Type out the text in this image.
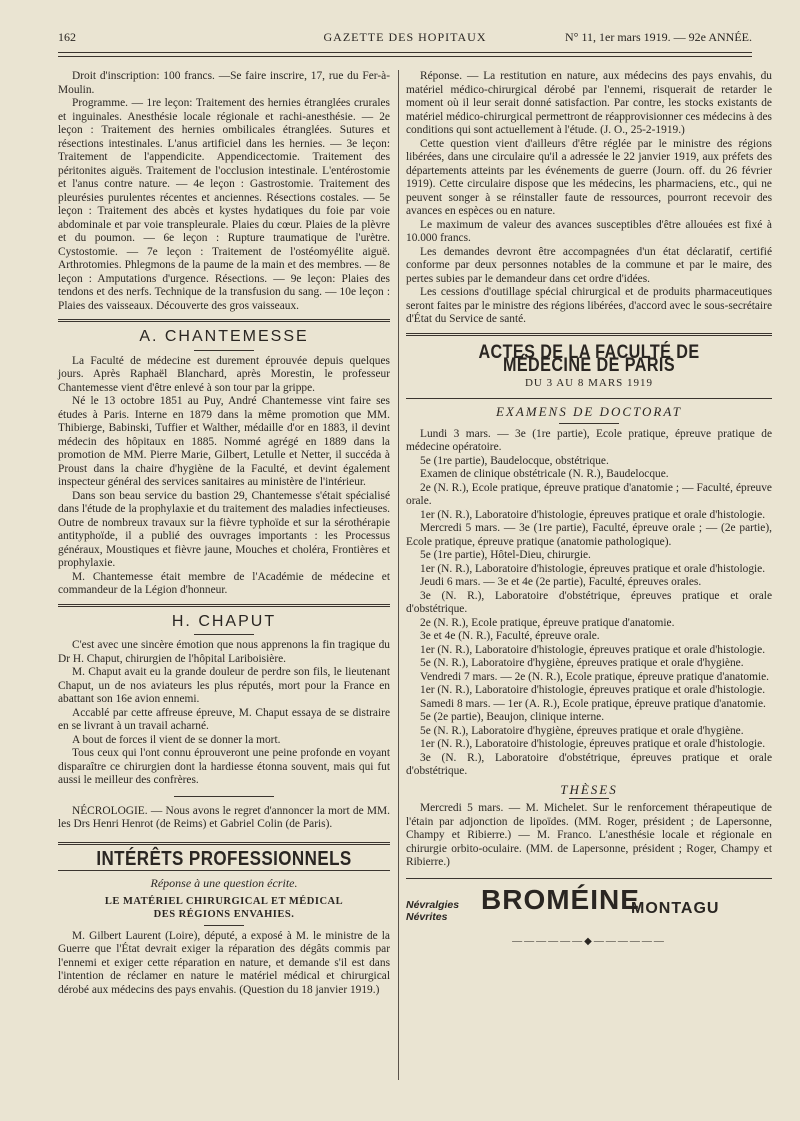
162	GAZETTE DES HOPITAUX	N° 11, 1er mars 1919. — 92e ANNÉE.

Droit d'inscription: 100 francs. —Se faire inscrire, 17, rue du Fer-à-Moulin.

Programme. — 1re leçon: Traitement des hernies étranglées crurales et inguinales. Anesthésie locale régionale et rachi-anesthésie. — 2e leçon : Traitement des hernies ombilicales étranglées. Sutures et résections intestinales. L'anus artificiel dans les hernies. — 3e leçon: Traitement de l'appendicite. Appendicectomie. Traitement des péritonites aiguës. Traitement de l'occlusion intestinale. L'entérostomie et l'anus contre nature. — 4e leçon : Gastrostomie. Traitement des pleurésies purulentes récentes et anciennes. Résections costales. — 5e leçon : Traitement des abcès et kystes hydatiques du foie par voie abdominale et par voie transpleurale. Plaies du cœur. Plaies de la plèvre et du poumon. — 6e leçon : Rupture traumatique de l'urètre. Cystostomie. — 7e leçon : Traitement de l'ostéomyélite aiguë. Arthrotomies. Phlegmons de la paume de la main et des membres. — 8e leçon : Amputations d'urgence. Résections. — 9e leçon: Plaies des tendons et des nerfs. Technique de la transfusion du sang. — 10e leçon : Plaies des vaisseaux. Découverte des gros vaisseaux.

A. CHANTEMESSE

La Faculté de médecine est durement éprouvée depuis quelques jours. Après Raphaël Blanchard, après Morestin, le professeur Chantemesse vient d'être enlevé à son tour par la grippe.

Né le 13 octobre 1851 au Puy, André Chantemesse vint faire ses études à Paris. Interne en 1879 dans la même promotion que MM. Thibierge, Babinski, Tuffier et Walther, médaille d'or en 1883, il devint médecin des hôpitaux en 1885. Nommé agrégé en 1889 dans la promotion de MM. Pierre Marie, Gilbert, Letulle et Netter, il succéda à Proust dans la chaire d'hygiène de la Faculté, et devint également inspecteur général des services sanitaires au ministère de l'intérieur.

Dans son beau service du bastion 29, Chantemesse s'était spécialisé dans l'étude de la prophylaxie et du traitement des maladies infectieuses. Outre de nombreux travaux sur la fièvre typhoïde et sur la sérothérapie antityphoïde, il a publié des ouvrages importants : les Processus généraux, Moustiques et fièvre jaune, Mouches et choléra, Frontières et prophylaxie.

M. Chantemesse était membre de l'Académie de médecine et commandeur de la Légion d'honneur.

H. CHAPUT

C'est avec une sincère émotion que nous apprenons la fin tragique du Dr H. Chaput, chirurgien de l'hôpital Lariboisière.

M. Chaput avait eu la grande douleur de perdre son fils, le lieutenant Chaput, un de nos aviateurs les plus réputés, mort pour la France en abattant son 16e avion ennemi.

Accablé par cette affreuse épreuve, M. Chaput essaya de se distraire en se livrant à un travail acharné.

A bout de forces il vient de se donner la mort.

Tous ceux qui l'ont connu éprouveront une peine profonde en voyant disparaître ce chirurgien dont la hardiesse étonna souvent, mais qui fut aussi le meilleur des confrères.

NÉCROLOGIE. — Nous avons le regret d'annoncer la mort de MM. les Drs Henri Henrot (de Reims) et Gabriel Colin (de Paris).

INTÉRÊTS PROFESSIONNELS
Réponse à une question écrite.
LE MATÉRIEL CHIRURGICAL ET MÉDICAL
DES RÉGIONS ENVAHIES.

M. Gilbert Laurent (Loire), député, a exposé à M. le ministre de la Guerre que l'État devrait exiger la réparation des dégâts commis par l'ennemi et exiger cette réparation en nature, et demande s'il est dans l'intention de réclamer en nature le matériel médical et chirurgical dérobé aux médecins des pays envahis. (Question du 18 janvier 1919.)

Réponse. — La restitution en nature, aux médecins des pays envahis, du matériel médico-chirurgical dérobé par l'ennemi, risquerait de retarder le moment où il leur serait donné satisfaction. Par contre, les stocks existants de matériel médico-chirurgical permettront de réapprovisionner ces médecins à des conditions qui sont actuellement à l'étude. (J. O., 25-2-1919.)

Cette question vient d'ailleurs d'être réglée par le ministre des régions libérées, dans une circulaire qu'il a adressée le 22 janvier 1919, aux préfets des départements atteints par les événements de guerre (Journ. off. du 26 février 1919). Cette circulaire dispose que les médecins, les pharmaciens, etc., qui ne peuvent songer à se réinstaller faute de ressources, pourront recevoir des avances en espèces ou en nature.

Le maximum de valeur des avances susceptibles d'être allouées est fixé à 10.000 francs.

Les demandes devront être accompagnées d'un état déclaratif, certifié conforme par deux personnes notables de la commune et par le maire, des pertes subies par le demandeur dans cet ordre d'idées.

Les cessions d'outillage spécial chirurgical et de produits pharmaceutiques seront faites par le ministre des régions libérées, d'accord avec le sous-secrétaire d'État du Service de santé.

ACTES DE LA FACULTÉ DE MÉDECINE DE PARIS
DU 3 AU 8 MARS 1919
EXAMENS DE DOCTORAT

Lundi 3 mars. — 3e (1re partie), Ecole pratique, épreuve pratique de médecine opératoire.

5e (1re partie), Baudelocque, obstétrique.

Examen de clinique obstétricale (N. R.), Baudelocque.

2e (N. R.), Ecole pratique, épreuve pratique d'anatomie ; — Faculté, épreuve orale.

1er (N. R.), Laboratoire d'histologie, épreuves pratique et orale d'histologie.

Mercredi 5 mars. — 3e (1re partie), Faculté, épreuve orale ; — (2e partie), Ecole pratique, épreuve pratique (anatomie pathologique).

5e (1re partie), Hôtel-Dieu, chirurgie.

1er (N. R.), Laboratoire d'histologie, épreuves pratique et orale d'histologie.

Jeudi 6 mars. — 3e et 4e (2e partie), Faculté, épreuves orales.

3e (N. R.), Laboratoire d'obstétrique, épreuves pratique et orale d'obstétrique.

2e (N. R.), Ecole pratique, épreuve pratique d'anatomie.

3e et 4e (N. R.), Faculté, épreuve orale.

1er (N. R.), Laboratoire d'histologie, épreuves pratique et orale d'histologie.

5e (N. R.), Laboratoire d'hygiène, épreuves pratique et orale d'hygiène.

Vendredi 7 mars. — 2e (N. R.), Ecole pratique, épreuve pratique d'anatomie.

1er (N. R.), Laboratoire d'histologie, épreuves pratique et orale d'histologie.

Samedi 8 mars. — 1er (A. R.), Ecole pratique, épreuve pratique d'anatomie.

5e (2e partie), Beaujon, clinique interne.

5e (N. R.), Laboratoire d'hygiène, épreuves pratique et orale d'hygiène.

1er (N. R.), Laboratoire d'histologie, épreuves pratique et orale d'histologie.

3e (N. R.), Laboratoire d'obstétrique, épreuves pratique et orale d'obstétrique.

THÈSES

Mercredi 5 mars. — M. Michelet. Sur le renforcement thérapeutique de l'étain par adjonction de lipoïdes. (MM. Roger, président ; de Lapersonne, Champy et Ribierre.) — M. Franco. L'anesthésie locale et régionale en chirurgie orbito-oculaire. (MM. de Lapersonne, président ; Roger, Champy et Ribierre.)

Névralgies
Névrites
BROMÉINE
MONTAGU
——————◆——————
